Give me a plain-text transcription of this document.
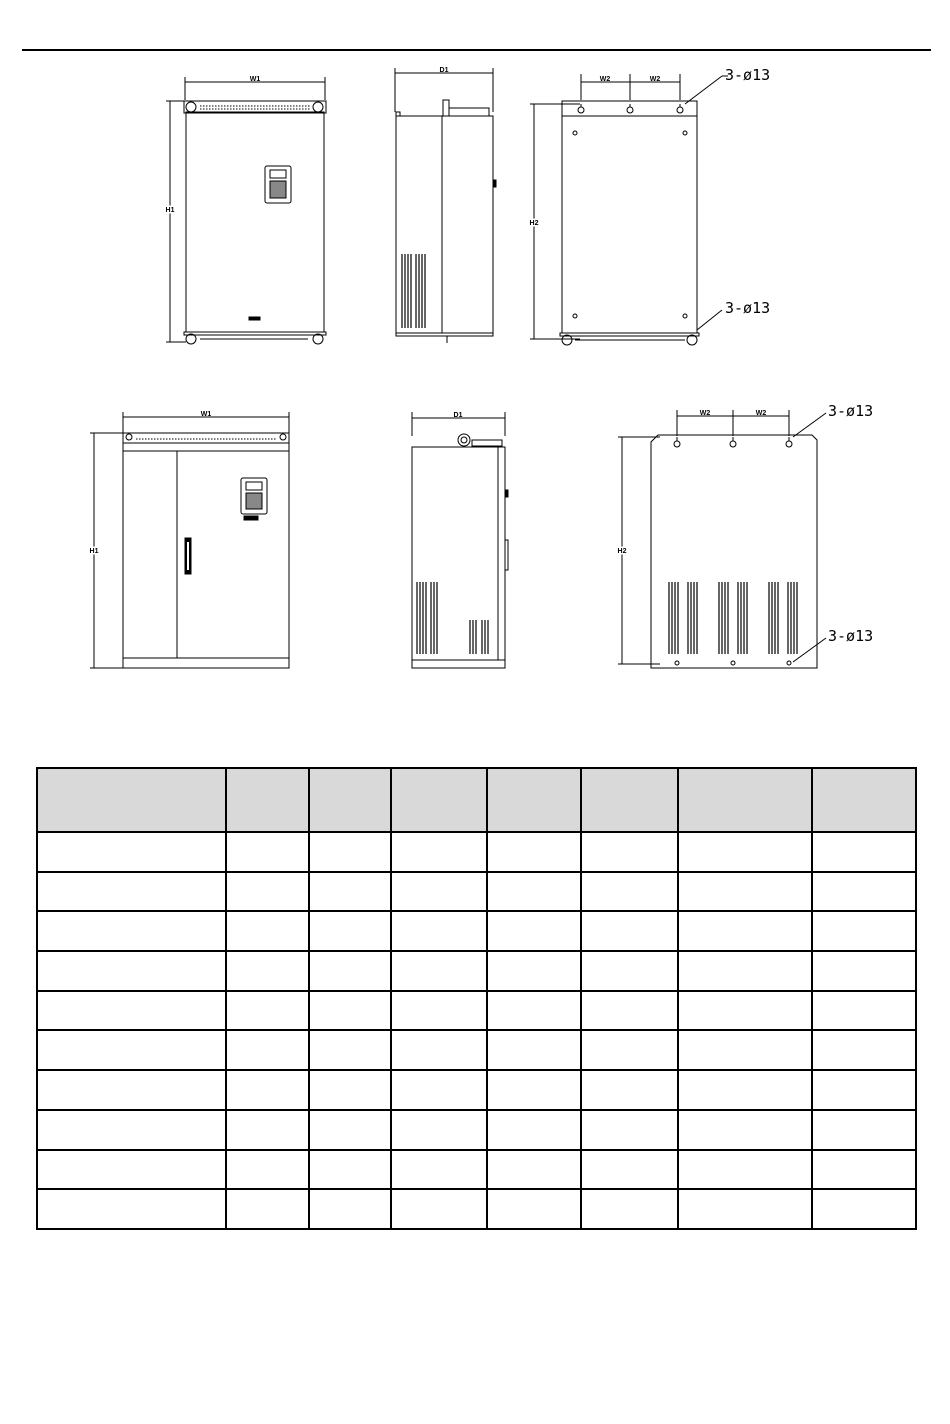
W1
H1
D1
W2	W2
H2
3-ø13
3-ø13
W1
H1
D1	W2	W2
H2
3-ø13
3-ø13
